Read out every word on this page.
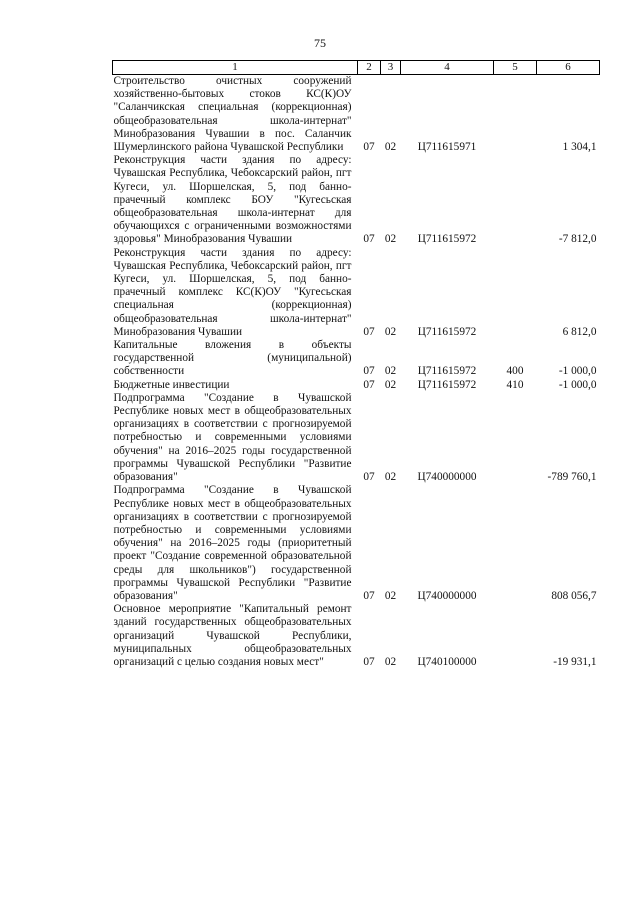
75
1	2	3	4	5	6
Строительство очистных сооружений хозяйственно-бытовых стоков КС(К)ОУ "Саланчикская специальная (коррекционная) общеобразовательная школа-интернат" Минобразования Чувашии в пос. Саланчик Шумерлинского района Чувашской Республики	07	02	Ц711615971		1 304,1
Реконструкция части здания по адресу: Чувашская Республика, Чебоксарский район, пгт Кугеси, ул. Шоршелская, 5, под банно-прачечный комплекс БОУ "Кугесьская общеобразовательная школа-интернат для обучающихся с ограниченными возможностями здоровья" Минобразования Чувашии	07	02	Ц711615972		-7 812,0
Реконструкция части здания по адресу: Чувашская Республика, Чебоксарский район, пгт Кугеси, ул. Шоршелская, 5, под банно-прачечный комплекс КС(К)ОУ "Кугесьская специальная (коррекционная) общеобразовательная школа-интернат" Минобразования Чувашии	07	02	Ц711615972		6 812,0
Капитальные вложения в объекты государственной (муниципальной) собственности	07	02	Ц711615972	400	-1 000,0
Бюджетные инвестиции	07	02	Ц711615972	410	-1 000,0
Подпрограмма "Создание в Чувашской Республике новых мест в общеобразовательных организациях в соответствии с прогнозируемой потребностью и современными условиями обучения" на 2016–2025 годы государственной программы Чувашской Республики "Развитие образования"	07	02	Ц740000000		-789 760,1
Подпрограмма "Создание в Чувашской Республике новых мест в общеобразовательных организациях в соответствии с прогнозируемой потребностью и современными условиями обучения" на 2016–2025 годы (приоритетный проект "Создание современной образовательной среды для школьников") государственной программы Чувашской Республики "Развитие образования"	07	02	Ц740000000		808 056,7
Основное мероприятие "Капитальный ремонт зданий государственных общеобразовательных организаций Чувашской Республики, муниципальных общеобразовательных организаций с целью создания новых мест"	07	02	Ц740100000		-19 931,1
